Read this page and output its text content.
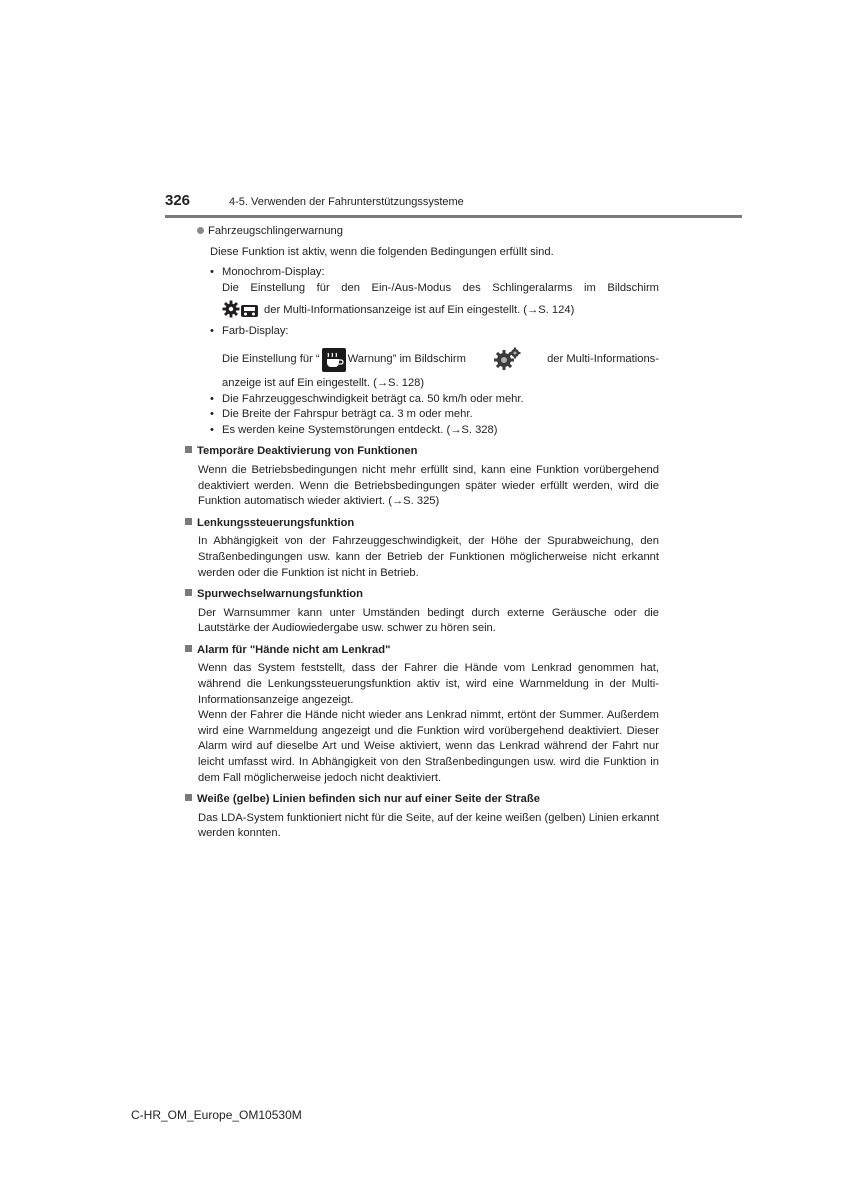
326	4-5. Verwenden der Fahrunterstützungssysteme
Fahrzeugschlingerwarnung
Diese Funktion ist aktiv, wenn die folgenden Bedingungen erfüllt sind.
• Monochrom-Display:
Die Einstellung für den Ein-/Aus-Modus des Schlingeralarms im Bildschirm
der Multi-Informationsanzeige ist auf Ein eingestellt. (→S. 124)
• Farb-Display:
Die Einstellung für “	Warnung” im Bildschirm	der Multi-Informations-
anzeige ist auf Ein eingestellt. (→S. 128)
• Die Fahrzeuggeschwindigkeit beträgt ca. 50 km/h oder mehr.
• Die Breite der Fahrspur beträgt ca. 3 m oder mehr.
• Es werden keine Systemstörungen entdeckt. (→S. 328)
Temporäre Deaktivierung von Funktionen
Wenn die Betriebsbedingungen nicht mehr erfüllt sind, kann eine Funktion vorübergehend deaktiviert werden. Wenn die Betriebsbedingungen später wieder erfüllt werden, wird die Funktion automatisch wieder aktiviert. (→S. 325)
Lenkungssteuerungsfunktion
In Abhängigkeit von der Fahrzeuggeschwindigkeit, der Höhe der Spurabweichung, den Straßenbedingungen usw. kann der Betrieb der Funktionen möglicherweise nicht erkannt werden oder die Funktion ist nicht in Betrieb.
Spurwechselwarnungsfunktion
Der Warnsummer kann unter Umständen bedingt durch externe Geräusche oder die Lautstärke der Audiowiedergabe usw. schwer zu hören sein.
Alarm für "Hände nicht am Lenkrad"
Wenn das System feststellt, dass der Fahrer die Hände vom Lenkrad genommen hat, während die Lenkungssteuerungsfunktion aktiv ist, wird eine Warnmeldung in der Multi-Informationsanzeige angezeigt.
Wenn der Fahrer die Hände nicht wieder ans Lenkrad nimmt, ertönt der Summer. Außerdem wird eine Warnmeldung angezeigt und die Funktion wird vorübergehend deaktiviert. Dieser Alarm wird auf dieselbe Art und Weise aktiviert, wenn das Lenkrad während der Fahrt nur leicht umfasst wird. In Abhängigkeit von den Straßenbedingungen usw. wird die Funktion in dem Fall möglicherweise jedoch nicht deaktiviert.
Weiße (gelbe) Linien befinden sich nur auf einer Seite der Straße
Das LDA-System funktioniert nicht für die Seite, auf der keine weißen (gelben) Linien erkannt werden konnten.
C-HR_OM_Europe_OM10530M
